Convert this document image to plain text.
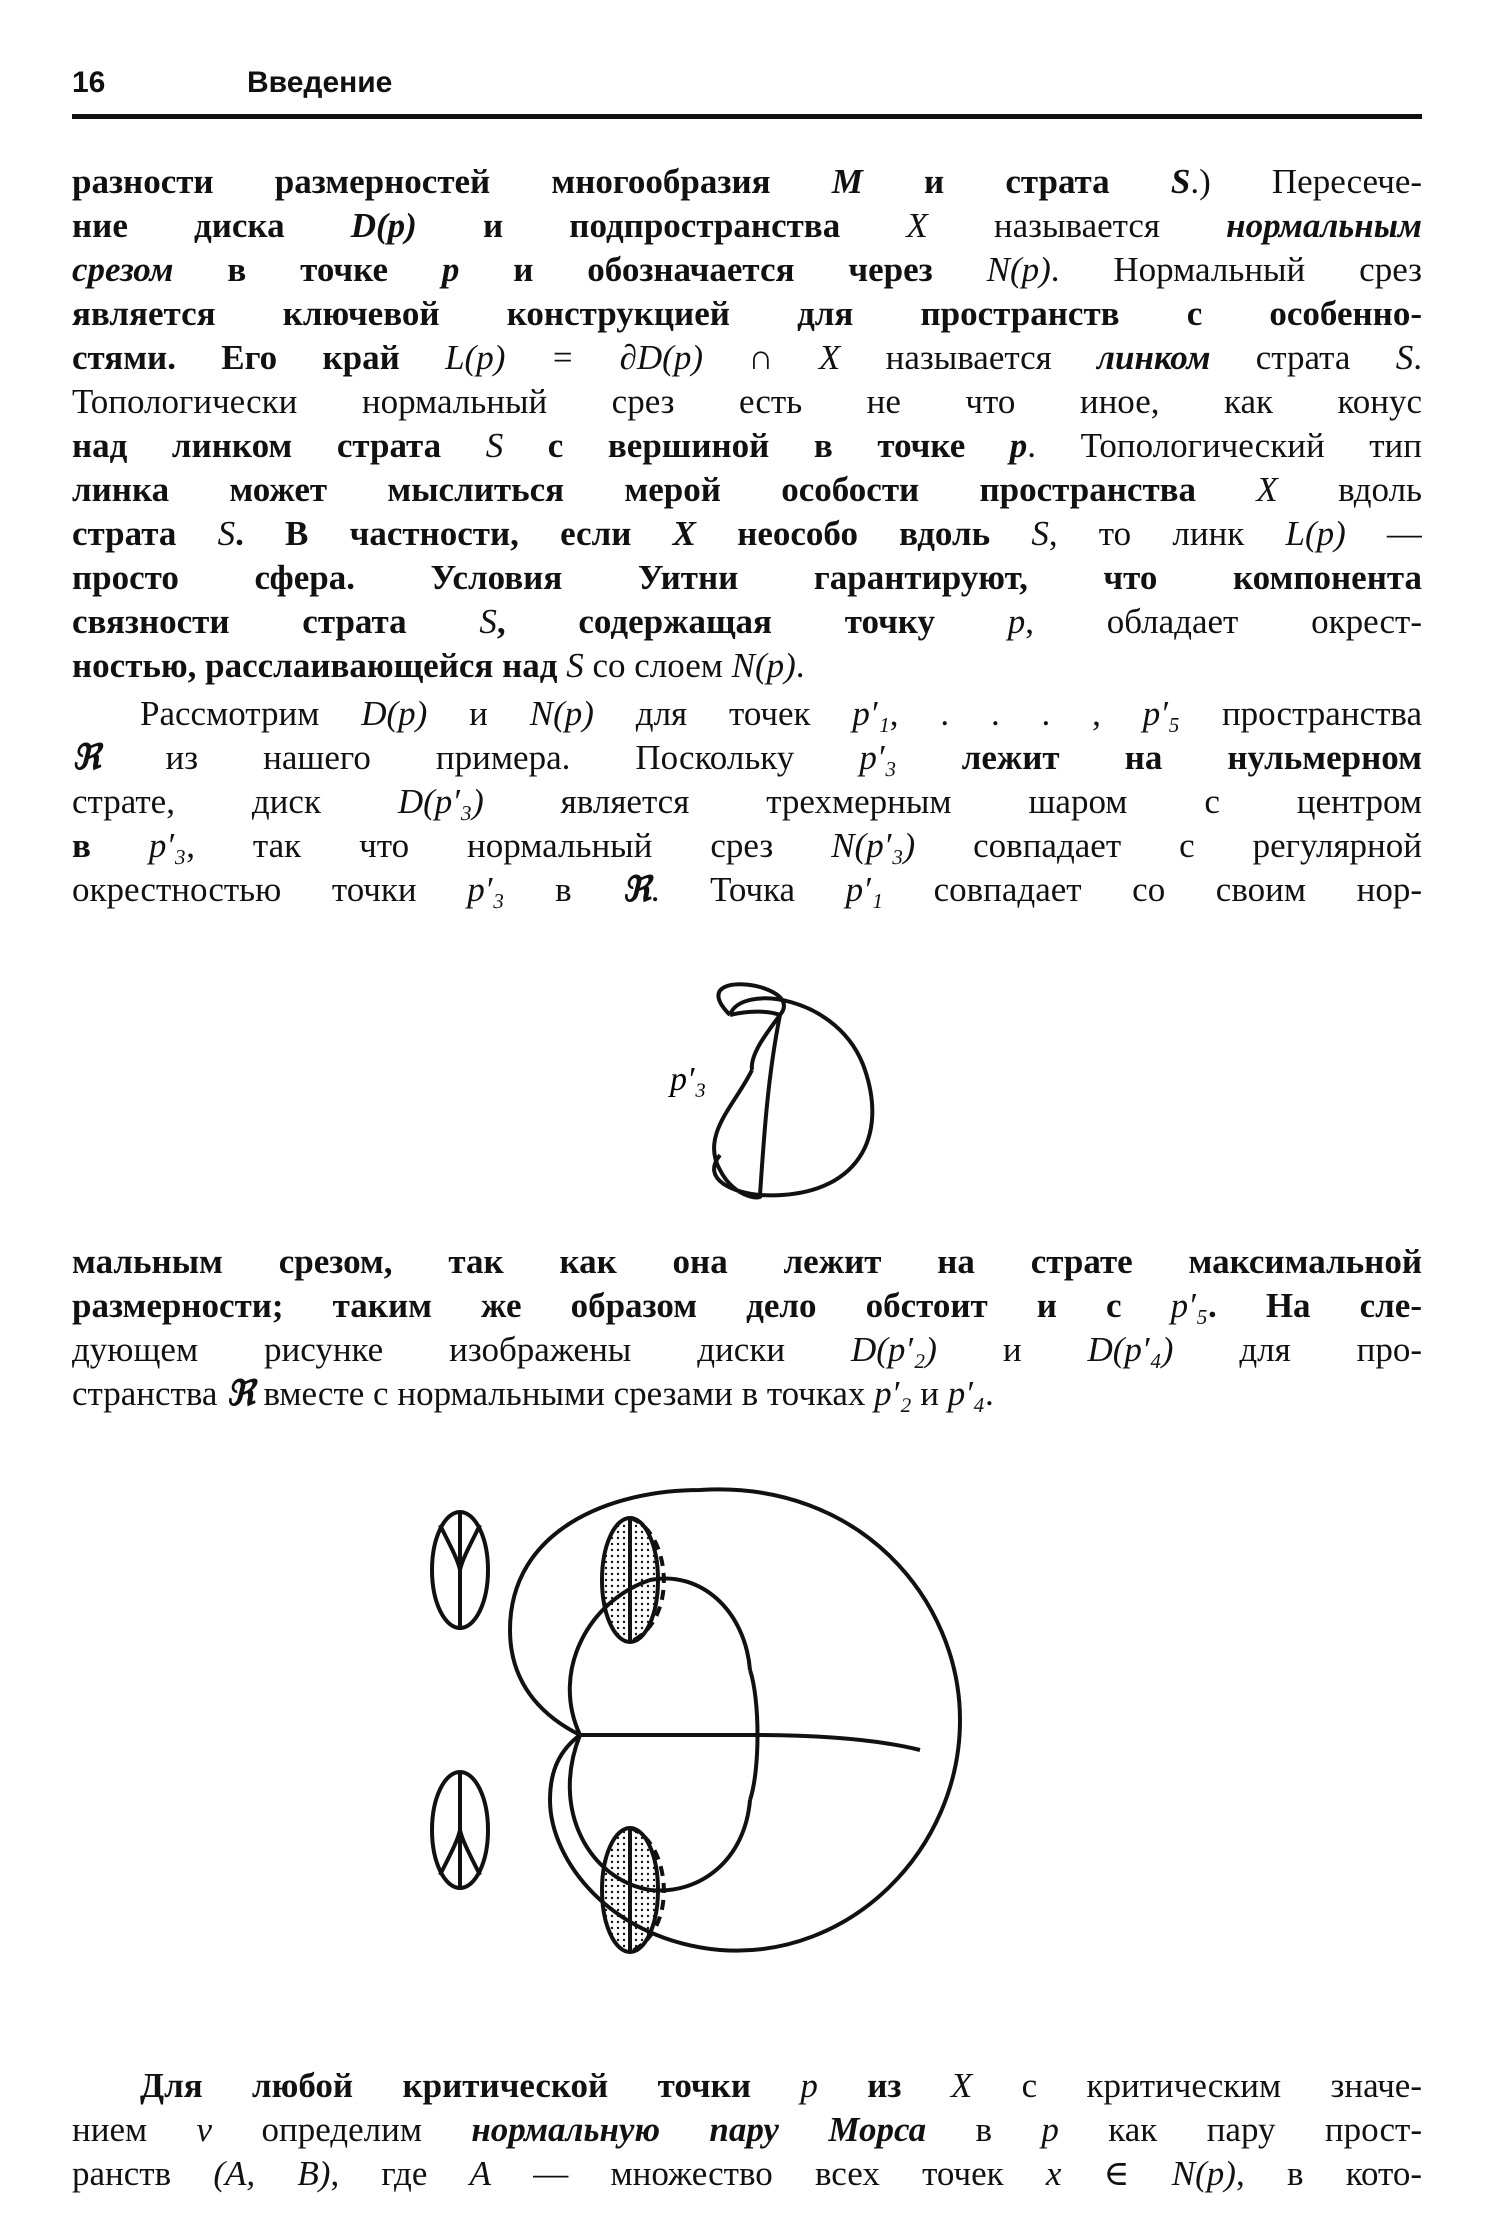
16	Введение
разности размерностей многообразия M и страта S.) Пересече-
ние диска D(p) и подпространства X называется нормальным
срезом в точке p и обозначается через N(p). Нормальный срез
является ключевой конструкцией для пространств с особенно-
стями. Его край L(p) = ∂D(p) ∩ X называется линком страта S.
Топологически нормальный срез есть не что иное, как конус
над линком страта S с вершиной в точке p. Топологический тип
линка может мыслиться мерой особости пространства X вдоль
страта S. В частности, если X неособо вдоль S, то линк L(p) —
просто сфера. Условия Уитни гарантируют, что компонента
связности страта S, содержащая точку p, обладает окрест-
ностью, расслаивающейся над S со слоем N(p).
Рассмотрим D(p) и N(p) для точек p′₁, . . . , p′₅ пространства
ℜ из нашего примера. Поскольку p′₃ лежит на нульмерном
страте, диск D(p′₃) является трехмерным шаром с центром
в p′₃, так что нормальный срез N(p′₃) совпадает с регулярной
окрестностью точки p′₃ в ℜ. Точка p′₁ совпадает со своим нор-
p′₃
мальным срезом, так как она лежит на страте максимальной
размерности; таким же образом дело обстоит и с p′₅. На сле-
дующем рисунке изображены диски D(p′₂) и D(p′₄) для про-
странства ℜ вместе с нормальными срезами в точках p′₂ и p′₄.
Для любой критической точки p из X с критическим значе-
нием v определим нормальную пару Морса в p как пару прост-
ранств (A, B), где A — множество всех точек x ∈ N(p), в кото-
